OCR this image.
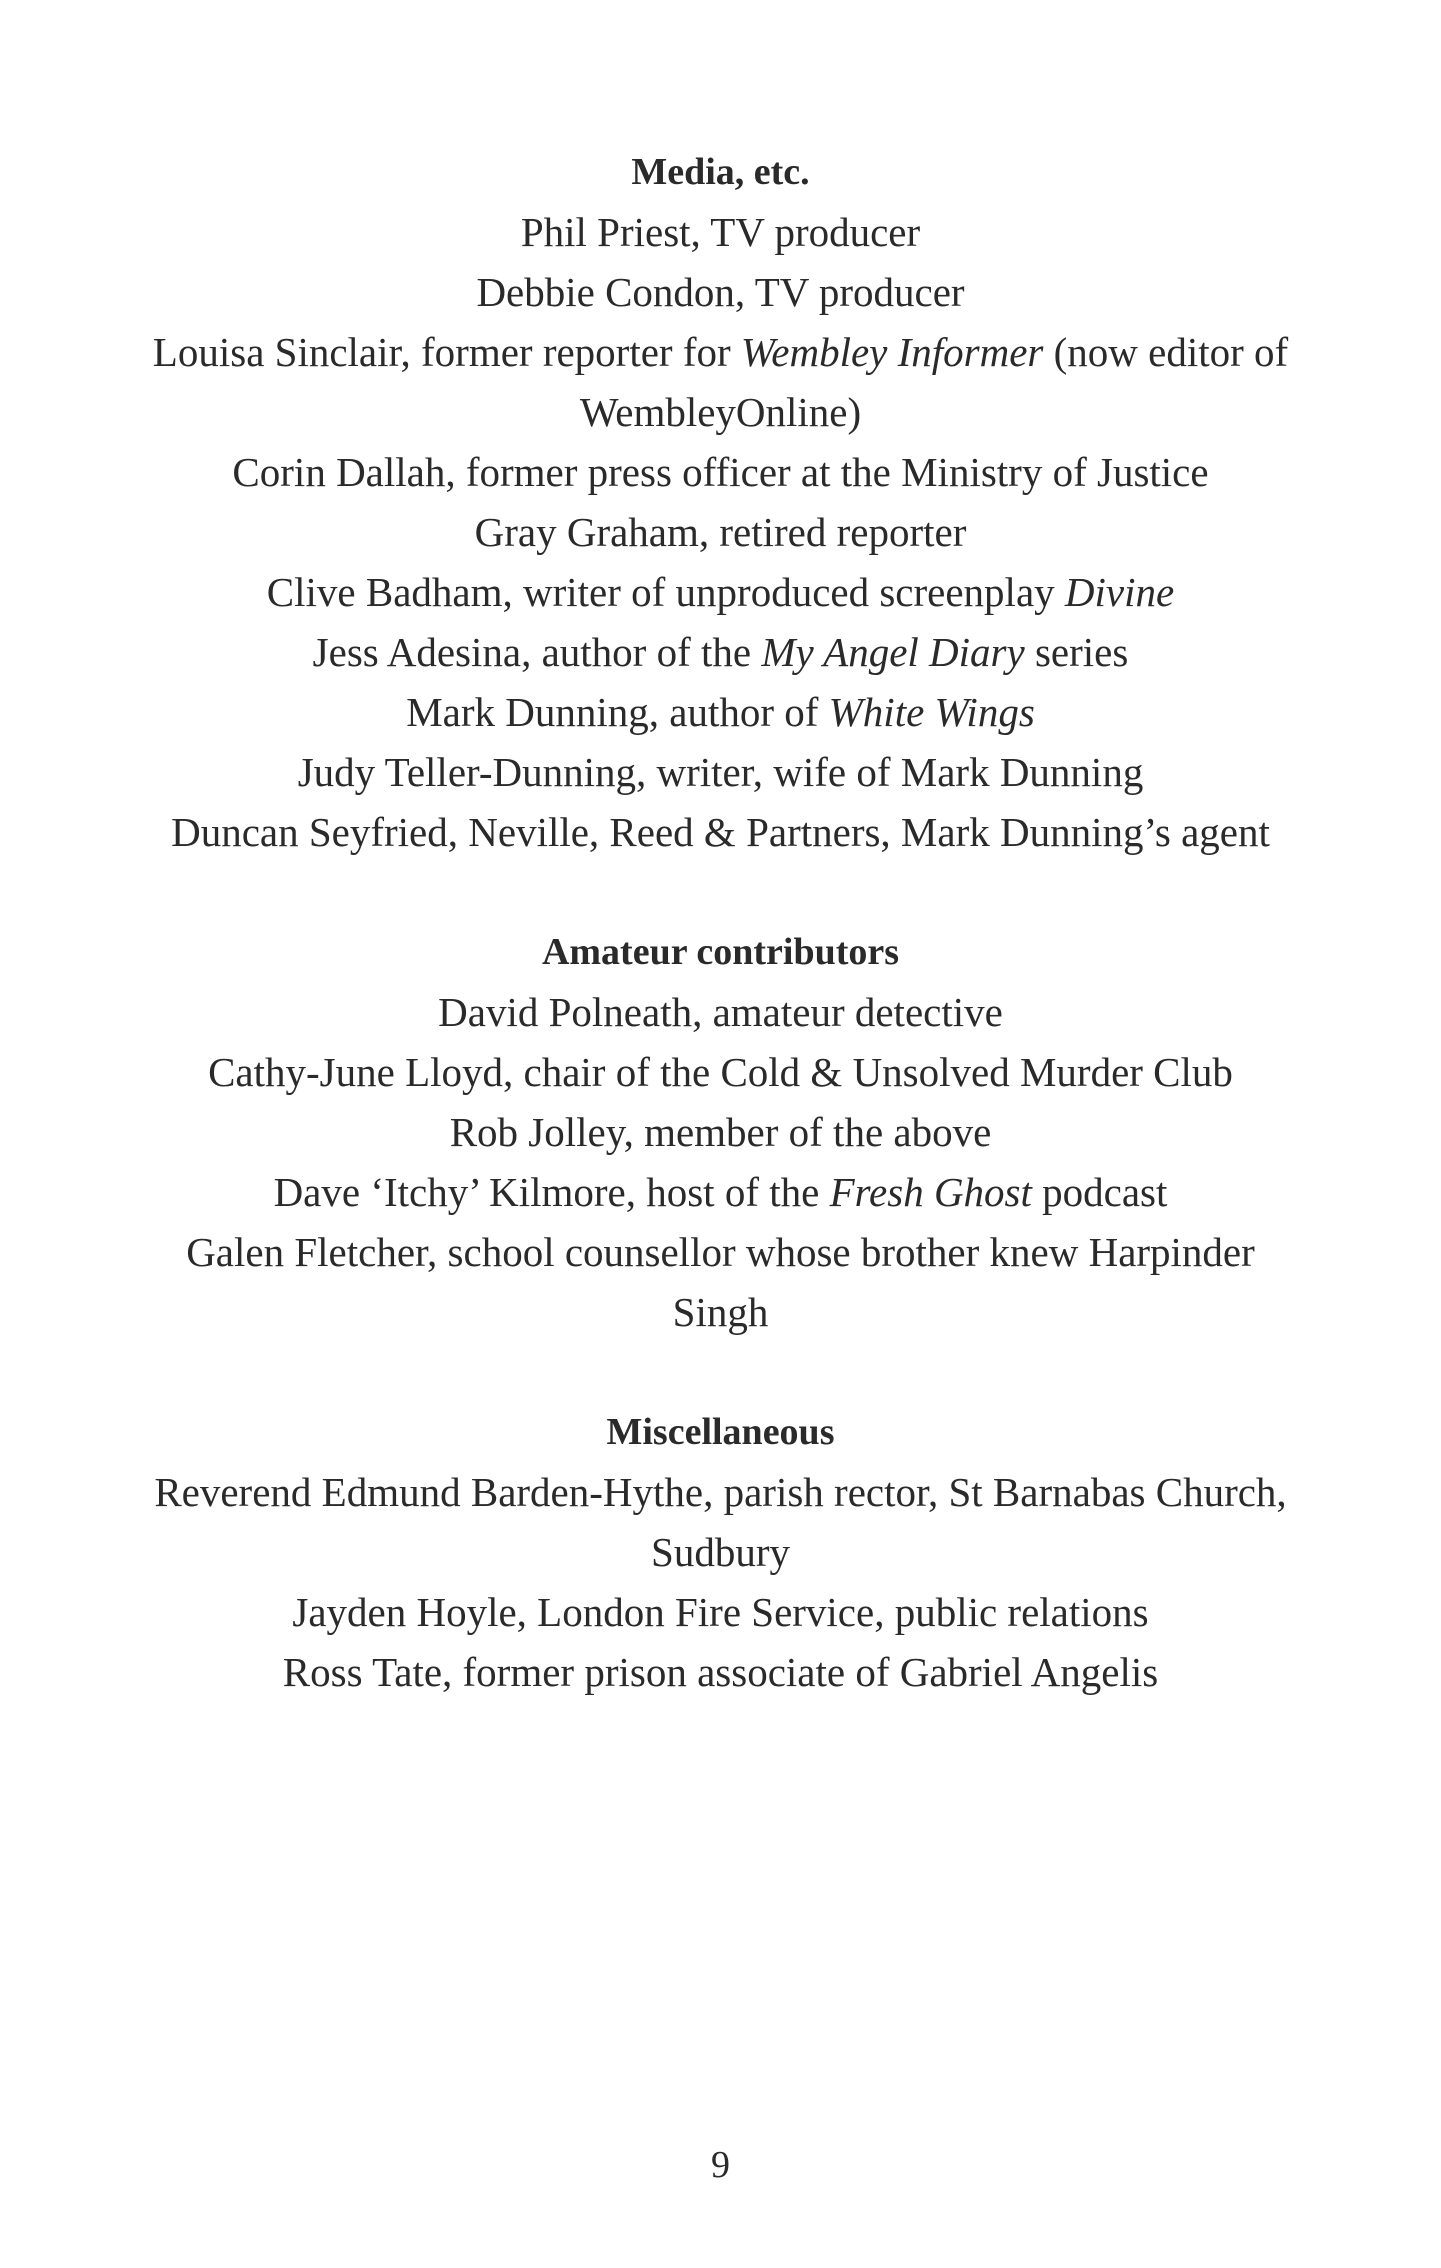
Media, etc.

Phil Priest, TV producer

Debbie Condon, TV producer

Louisa Sinclair, former reporter for Wembley Informer (now editor of WembleyOnline)

Corin Dallah, former press officer at the Ministry of Justice

Gray Graham, retired reporter

Clive Badham, writer of unproduced screenplay Divine

Jess Adesina, author of the My Angel Diary series

Mark Dunning, author of White Wings

Judy Teller-Dunning, writer, wife of Mark Dunning

Duncan Seyfried, Neville, Reed & Partners, Mark Dunning’s agent

Amateur contributors

David Polneath, amateur detective

Cathy-June Lloyd, chair of the Cold & Unsolved Murder Club

Rob Jolley, member of the above

Dave ‘Itchy’ Kilmore, host of the Fresh Ghost podcast

Galen Fletcher, school counsellor whose brother knew Harpinder Singh

Miscellaneous

Reverend Edmund Barden-Hythe, parish rector, St Barnabas Church, Sudbury

Jayden Hoyle, London Fire Service, public relations

Ross Tate, former prison associate of Gabriel Angelis

9
